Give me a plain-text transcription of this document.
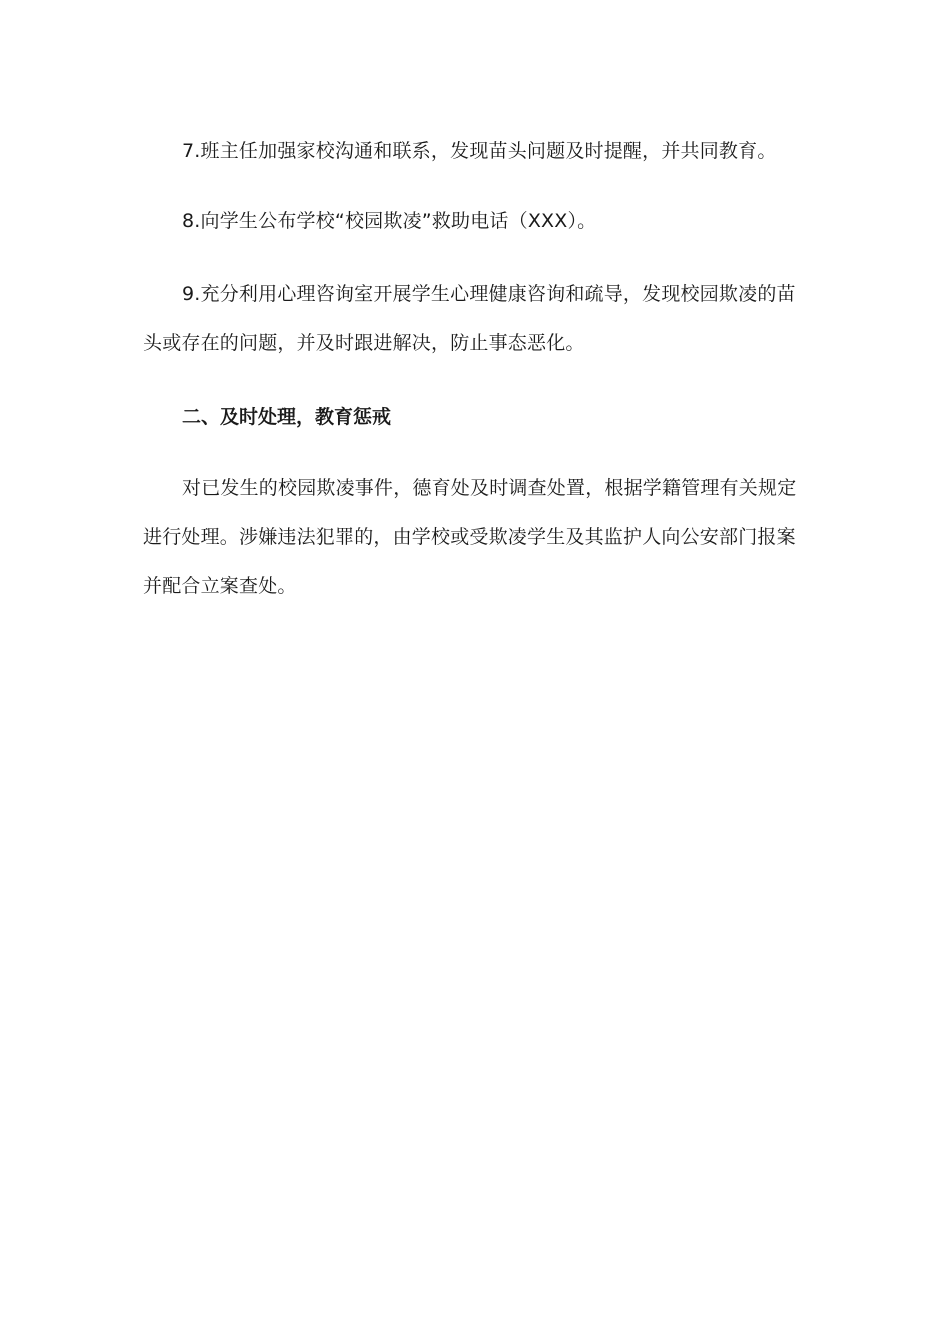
7.班主任加强家校沟通和联系，发现苗头问题及时提醒，并共同教育。

8.向学生公布学校“校园欺凌”救助电话（XXX）。

9.充分利用心理咨询室开展学生心理健康咨询和疏导，发现校园欺凌的苗
头或存在的问题，并及时跟进解决，防止事态恶化。
二、及时处理，教育惩戒
对已发生的校园欺凌事件，德育处及时调查处置，根据学籍管理有关规定
进行处理。涉嫌违法犯罪的，由学校或受欺凌学生及其监护人向公安部门报案
并配合立案查处。
